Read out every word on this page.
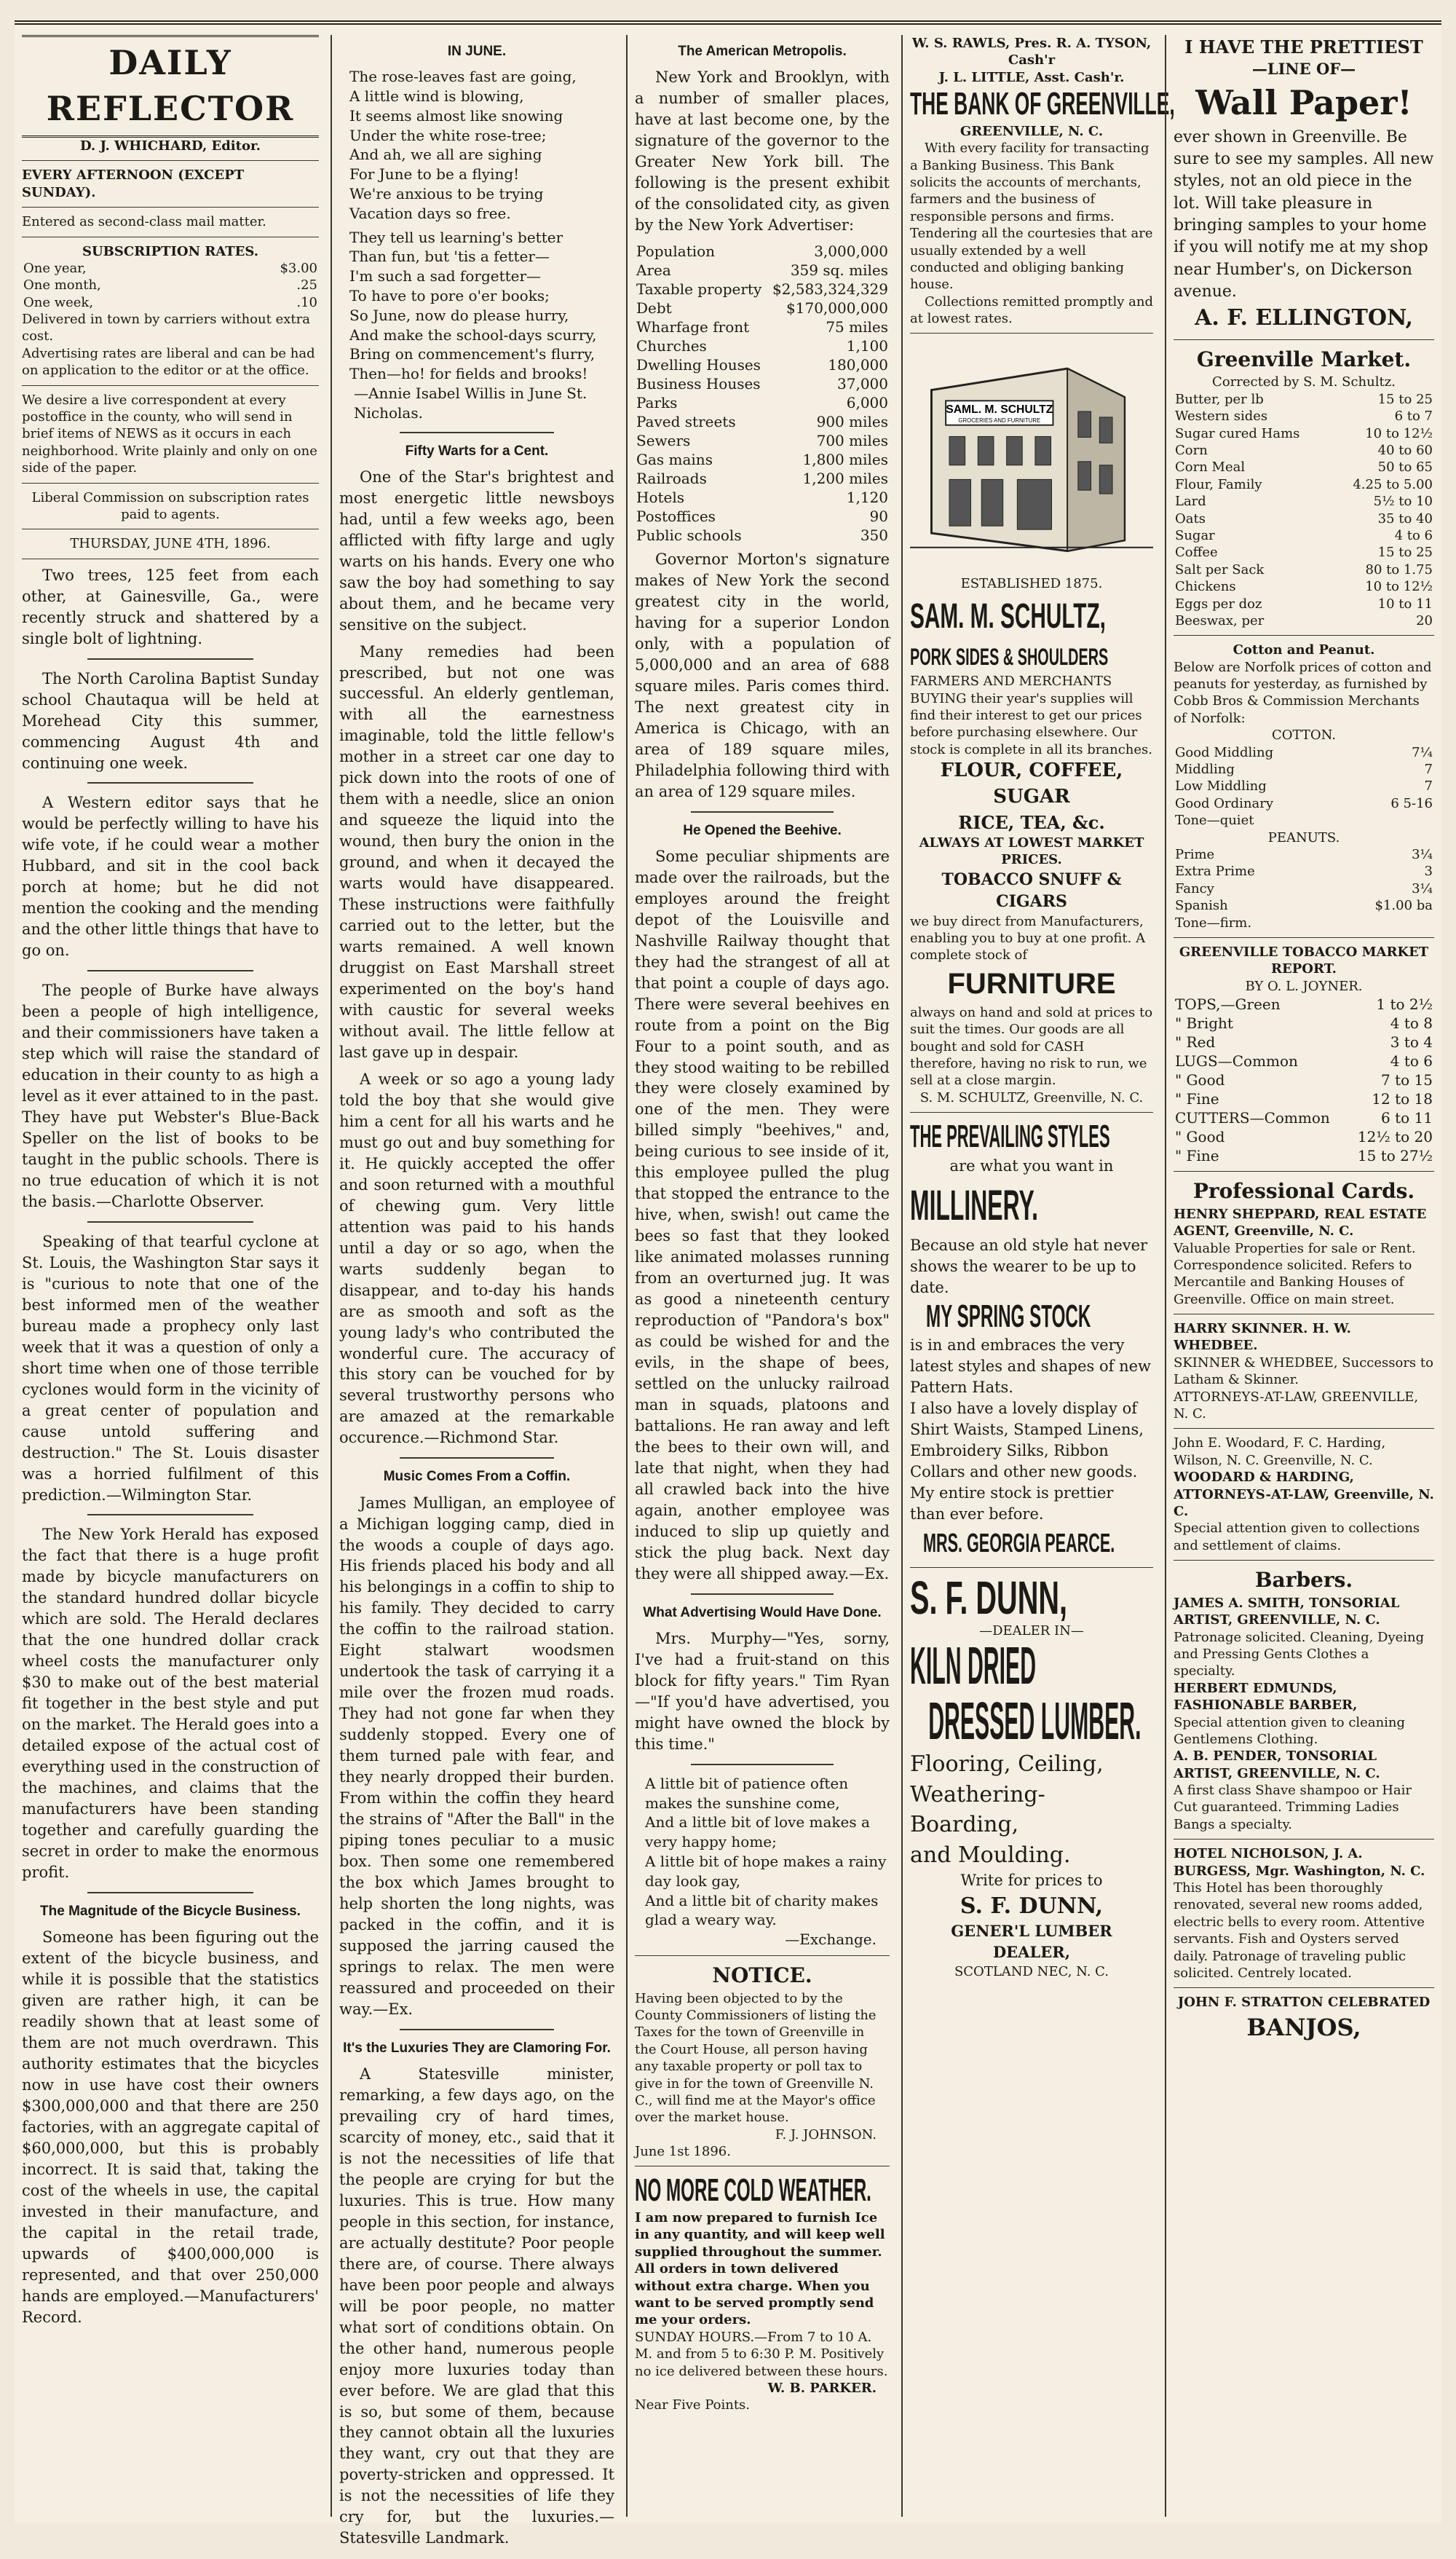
DAILY REFLECTOR
D. J. WHICHARD, Editor.
EVERY AFTERNOON (EXCEPT SUNDAY).
Entered as second-class mail matter.
SUBSCRIPTION RATES.
One year,	$3.00
One month,	.25
One week,	.10
Delivered in town by carriers without extra cost.
Advertising rates are liberal and can be had on application to the editor or at the office.
We desire a live correspondent at every postoffice in the county, who will send in brief items of NEWS as it occurs in each neighborhood. Write plainly and only on one side of the paper.
Liberal Commission on subscription rates paid to agents.
THURSDAY, JUNE 4TH, 1896.

Two trees, 125 feet from each other, at Gainesville, Ga., were recently struck and shattered by a single bolt of lightning.

The North Carolina Baptist Sunday school Chautaqua will be held at Morehead City this summer, commencing August 4th and continuing one week.

A Western editor says that he would be perfectly willing to have his wife vote, if he could wear a mother Hubbard, and sit in the cool back porch at home; but he did not mention the cooking and the mending and the other little things that have to go on.

The people of Burke have always been a people of high intelligence, and their commissioners have taken a step which will raise the standard of education in their county to as high a level as it ever attained to in the past. They have put Webster's Blue-Back Speller on the list of books to be taught in the public schools. There is no true education of which it is not the basis.—Charlotte Observer.

Speaking of that tearful cyclone at St. Louis, the Washington Star says it is "curious to note that one of the best informed men of the weather bureau made a prophecy only last week that it was a question of only a short time when one of those terrible cyclones would form in the vicinity of a great center of population and cause untold suffering and destruction." The St. Louis disaster was a horried fulfilment of this prediction.—Wilmington Star.

The New York Herald has exposed the fact that there is a huge profit made by bicycle manufacturers on the standard hundred dollar bicycle which are sold. The Herald declares that the one hundred dollar crack wheel costs the manufacturer only $30 to make out of the best material fit together in the best style and put on the market. The Herald goes into a detailed expose of the actual cost of everything used in the construction of the machines, and claims that the manufacturers have been standing together and carefully guarding the secret in order to make the enormous profit.

The Magnitude of the Bicycle Business.

Someone has been figuring out the extent of the bicycle business, and while it is possible that the statistics given are rather high, it can be readily shown that at least some of them are not much overdrawn. This authority estimates that the bicycles now in use have cost their owners $300,000,000 and that there are 250 factories, with an aggregate capital of $60,000,000, but this is probably incorrect. It is said that, taking the cost of the wheels in use, the capital invested in their manufacture, and the capital in the retail trade, upwards of $400,000,000 is represented, and that over 250,000 hands are employed.—Manufacturers' Record.

IN JUNE.
The rose-leaves fast are going,
A little wind is blowing,
It seems almost like snowing
Under the white rose-tree;
And ah, we all are sighing
For June to be a flying!
We're anxious to be trying
Vacation days so free.
They tell us learning's better
Than fun, but 'tis a fetter—
I'm such a sad forgetter—
To have to pore o'er books;
So June, now do please hurry,
And make the school-days scurry,
Bring on commencement's flurry,
Then—ho! for fields and brooks!
—Annie Isabel Willis in June St. Nicholas.
Fifty Warts for a Cent.

One of the Star's brightest and most energetic little newsboys had, until a few weeks ago, been afflicted with fifty large and ugly warts on his hands. Every one who saw the boy had something to say about them, and he became very sensitive on the subject.

Many remedies had been prescribed, but not one was successful. An elderly gentleman, with all the earnestness imaginable, told the little fellow's mother in a street car one day to pick down into the roots of one of them with a needle, slice an onion and squeeze the liquid into the wound, then bury the onion in the ground, and when it decayed the warts would have disappeared. These instructions were faithfully carried out to the letter, but the warts remained. A well known druggist on East Marshall street experimented on the boy's hand with caustic for several weeks without avail. The little fellow at last gave up in despair.

A week or so ago a young lady told the boy that she would give him a cent for all his warts and he must go out and buy something for it. He quickly accepted the offer and soon returned with a mouthful of chewing gum. Very little attention was paid to his hands until a day or so ago, when the warts suddenly began to disappear, and to-day his hands are as smooth and soft as the young lady's who contributed the wonderful cure. The accuracy of this story can be vouched for by several trustworthy persons who are amazed at the remarkable occurence.—Richmond Star.

Music Comes From a Coffin.

James Mulligan, an employee of a Michigan logging camp, died in the woods a couple of days ago. His friends placed his body and all his belongings in a coffin to ship to his family. They decided to carry the coffin to the railroad station. Eight stalwart woodsmen undertook the task of carrying it a mile over the frozen mud roads. They had not gone far when they suddenly stopped. Every one of them turned pale with fear, and they nearly dropped their burden. From within the coffin they heard the strains of "After the Ball" in the piping tones peculiar to a music box. Then some one remembered the box which James brought to help shorten the long nights, was packed in the coffin, and it is supposed the jarring caused the springs to relax. The men were reassured and proceeded on their way.—Ex.

It's the Luxuries They are Clamoring For.

A Statesville minister, remarking, a few days ago, on the prevailing cry of hard times, scarcity of money, etc., said that it is not the necessities of life that the people are crying for but the luxuries. This is true. How many people in this section, for instance, are actually destitute? Poor people there are, of course. There always have been poor people and always will be poor people, no matter what sort of conditions obtain. On the other hand, numerous people enjoy more luxuries today than ever before. We are glad that this is so, but some of them, because they cannot obtain all the luxuries they want, cry out that they are poverty-stricken and oppressed. It is not the necessities of life they cry for, but the luxuries.—Statesville Landmark.

The American Metropolis.

New York and Brooklyn, with a number of smaller places, have at last become one, by the signature of the governor to the Greater New York bill. The following is the present exhibit of the consolidated city, as given by the New York Advertiser:

Population	3,000,000
Area	359 sq. miles
Taxable property	$2,583,324,329
Debt	$170,000,000
Wharfage front	75 miles
Churches	1,100
Dwelling Houses	180,000
Business Houses	37,000
Parks	6,000
Paved streets	900 miles
Sewers	700 miles
Gas mains	1,800 miles
Railroads	1,200 miles
Hotels	1,120
Postoffices	90
Public schools	350

Governor Morton's signature makes of New York the second greatest city in the world, having for a superior London only, with a population of 5,000,000 and an area of 688 square miles. Paris comes third. The next greatest city in America is Chicago, with an area of 189 square miles, Philadelphia following third with an area of 129 square miles.

He Opened the Beehive.

Some peculiar shipments are made over the railroads, but the employes around the freight depot of the Louisville and Nashville Railway thought that they had the strangest of all at that point a couple of days ago. There were several beehives en route from a point on the Big Four to a point south, and as they stood waiting to be rebilled they were closely examined by one of the men. They were billed simply "beehives," and, being curious to see inside of it, this employee pulled the plug that stopped the entrance to the hive, when, swish! out came the bees so fast that they looked like animated molasses running from an overturned jug. It was as good a nineteenth century reproduction of "Pandora's box" as could be wished for and the evils, in the shape of bees, settled on the unlucky railroad man in squads, platoons and battalions. He ran away and left the bees to their own will, and late that night, when they had all crawled back into the hive again, another employee was induced to slip up quietly and stick the plug back. Next day they were all shipped away.—Ex.

What Advertising Would Have Done.

Mrs. Murphy—"Yes, sorny, I've had a fruit-stand on this block for fifty years." Tim Ryan—"If you'd have advertised, you might have owned the block by this time."

A little bit of patience often makes the sunshine come,
And a little bit of love makes a very happy home;
A little bit of hope makes a rainy day look gay,
And a little bit of charity makes glad a weary way.
—Exchange.
NOTICE.
Having been objected to by the County Commissioners of listing the Taxes for the town of Greenville in the Court House, all person having any taxable property or poll tax to give in for the town of Greenville N. C., will find me at the Mayor's office over the market house.
F. J. JOHNSON.
June 1st 1896.
NO MORE COLD WEATHER.
I am now prepared to furnish Ice in any quantity, and will keep well supplied throughout the summer. All orders in town delivered without extra charge. When you want to be served promptly send me your orders.
SUNDAY HOURS.—From 7 to 10 A. M. and from 5 to 6:30 P. M. Positively no ice delivered between these hours.
W. B. PARKER.
Near Five Points.
W. S. RAWLS, Pres. R. A. TYSON, Cash'r
J. L. LITTLE, Asst. Cash'r.
THE BANK OF GREENVILLE,
GREENVILLE, N. C.
With every facility for transacting a Banking Business. This Bank solicits the accounts of merchants, farmers and the business of responsible persons and firms. Tendering all the courtesies that are usually extended by a well conducted and obliging banking house.
Collections remitted promptly and at lowest rates.
SAML. M. SCHULTZ
GROCERIES AND FURNITURE
ESTABLISHED 1875.
SAM. M. SCHULTZ,
PORK SIDES & SHOULDERS
FARMERS AND MERCHANTS BUYING their year's supplies will find their interest to get our prices before purchasing elsewhere. Our stock is complete in all its branches.
FLOUR, COFFEE, SUGAR
RICE, TEA, &c.
ALWAYS AT LOWEST MARKET PRICES.
TOBACCO SNUFF & CIGARS
we buy direct from Manufacturers, enabling you to buy at one profit. A complete stock of
FURNITURE
always on hand and sold at prices to suit the times. Our goods are all bought and sold for CASH therefore, having no risk to run, we sell at a close margin.
S. M. SCHULTZ, Greenville, N. C.
THE PREVAILING STYLES
are what you want in
MILLINERY.
Because an old style hat never shows the wearer to be up to date.
MY SPRING STOCK
is in and embraces the very latest styles and shapes of new Pattern Hats.
I also have a lovely display of Shirt Waists, Stamped Linens, Embroidery Silks, Ribbon Collars and other new goods.
My entire stock is prettier than ever before.
MRS. GEORGIA PEARCE.
S. F. DUNN,
—DEALER IN—
KILN DRIED
DRESSED LUMBER.
Flooring, Ceiling,
Weathering-Boarding,
and Moulding.
Write for prices to
S. F. DUNN,
GENER'L LUMBER DEALER,
SCOTLAND NEC, N. C.
I HAVE THE PRETTIEST
—LINE OF—
Wall Paper!
ever shown in Greenville. Be sure to see my samples. All new styles, not an old piece in the lot. Will take pleasure in bringing samples to your home if you will notify me at my shop near Humber's, on Dickerson avenue.
A. F. ELLINGTON,
Greenville Market.
Corrected by S. M. Schultz.
Butter, per lb	15 to 25
Western sides	6 to 7
Sugar cured Hams	10 to 12½
Corn	40 to 60
Corn Meal	50 to 65
Flour, Family	4.25 to 5.00
Lard	5½ to 10
Oats	35 to 40
Sugar	4 to 6
Coffee	15 to 25
Salt per Sack	80 to 1.75
Chickens	10 to 12½
Eggs per doz	10 to 11
Beeswax, per	20
Cotton and Peanut.
Below are Norfolk prices of cotton and peanuts for yesterday, as furnished by Cobb Bros & Commission Merchants of Norfolk:
COTTON.
Good Middling	7¼
Middling	7
Low Middling	7
Good Ordinary	6 5-16
Tone—quiet	
PEANUTS.
Prime	3¼
Extra Prime	3
Fancy	3¼
Spanish	$1.00 ba
Tone—firm.	
GREENVILLE TOBACCO MARKET REPORT.
BY O. L. JOYNER.
TOPS,—Green	1 to 2½
" Bright	4 to 8
" Red	3 to 4
LUGS—Common	4 to 6
" Good	7 to 15
" Fine	12 to 18
CUTTERS—Common	6 to 11
" Good	12½ to 20
" Fine	15 to 27½
Professional Cards.
HENRY SHEPPARD, REAL ESTATE AGENT, Greenville, N. C.
Valuable Properties for sale or Rent. Correspondence solicited. Refers to Mercantile and Banking Houses of Greenville. Office on main street.
HARRY SKINNER. H. W. WHEDBEE.
SKINNER & WHEDBEE, Successors to Latham & Skinner.
ATTORNEYS-AT-LAW, GREENVILLE, N. C.
John E. Woodard, F. C. Harding, Wilson, N. C. Greenville, N. C.
WOODARD & HARDING, ATTORNEYS-AT-LAW, Greenville, N. C.
Special attention given to collections and settlement of claims.
Barbers.
JAMES A. SMITH, TONSORIAL ARTIST, GREENVILLE, N. C.
Patronage solicited. Cleaning, Dyeing and Pressing Gents Clothes a specialty.
HERBERT EDMUNDS, FASHIONABLE BARBER,
Special attention given to cleaning Gentlemens Clothing.
A. B. PENDER, TONSORIAL ARTIST, GREENVILLE, N. C.
A first class Shave shampoo or Hair Cut guaranteed. Trimming Ladies Bangs a specialty.
HOTEL NICHOLSON, J. A. BURGESS, Mgr. Washington, N. C.
This Hotel has been thoroughly renovated, several new rooms added, electric bells to every room. Attentive servants. Fish and Oysters served daily. Patronage of traveling public solicited. Centrely located.
JOHN F. STRATTON CELEBRATED
BANJOS,
